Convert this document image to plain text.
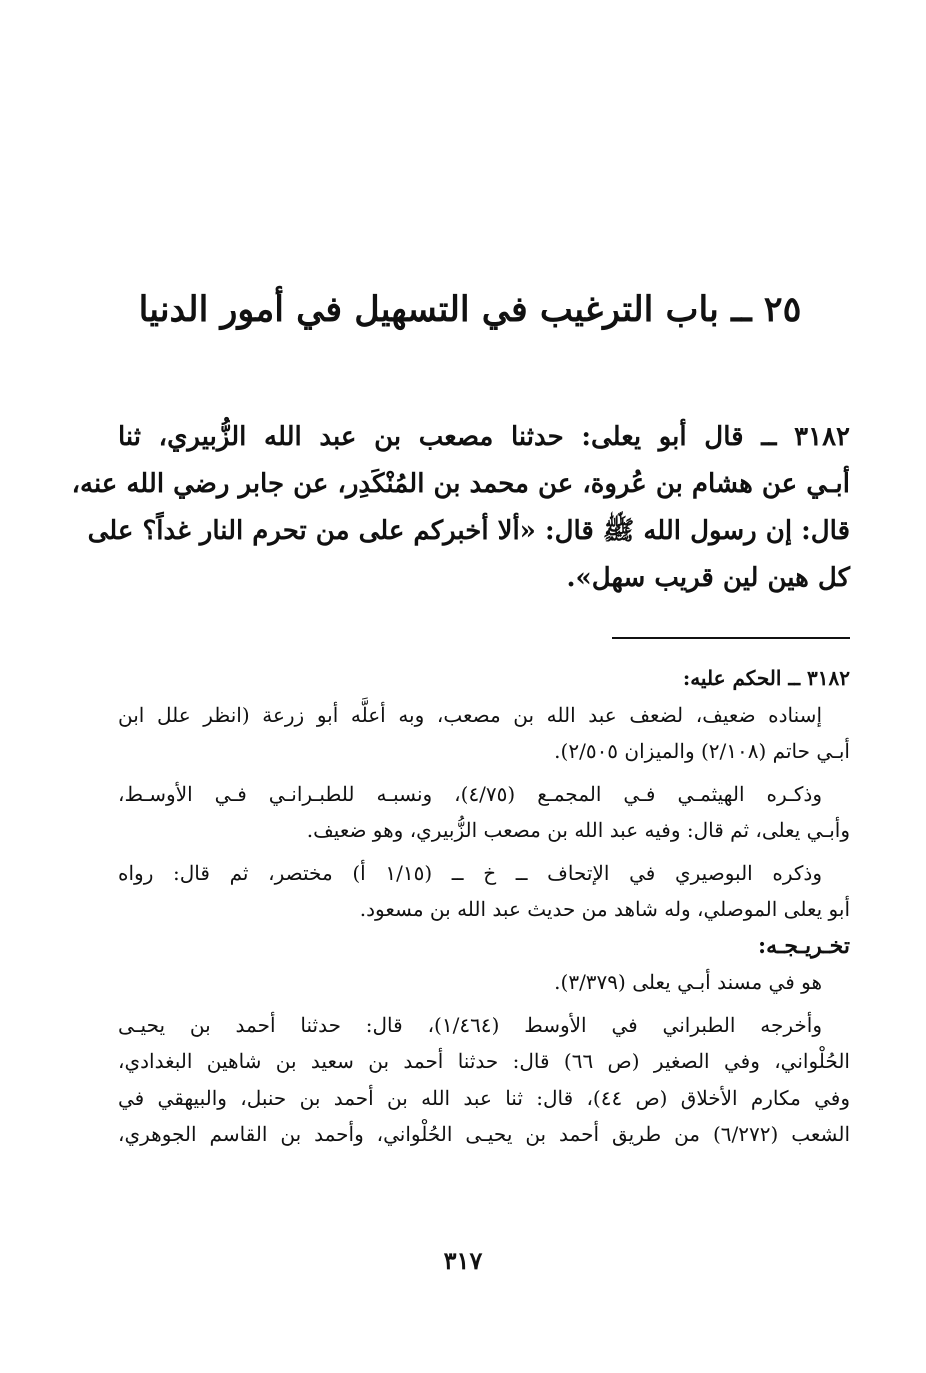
٢٥ ــ باب الترغيب في التسهيل في أمور الدنيا
٣١٨٢ ــ قال أبو يعلى: حدثنا مصعب بن عبد الله الزُّبيري، ثنا
أبـي عن هشام بن عُروة، عن محمد بن المُنْكَدِر، عن جابر رضي الله عنه،
قال: إن رسول الله ﷺ قال: «ألا أخبركم على من تحرم النار غداً؟ على
كل هين لين قريب سهل».
٣١٨٢ ــ الحكم عليه:
إسناده ضعيف، لضعف عبد الله بن مصعب، وبه أعلَّه أبو زرعة (انظر علل ابن
أبـي حاتم (٢/١٠٨) والميزان ٢/٥٠٥).
وذكـره الهيثمـي فـي المجمـع (٤/٧٥)، ونسبـه للطبـرانـي فـي الأوسـط،
وأبـي يعلى، ثم قال: وفيه عبد الله بن مصعب الزُّبيري، وهو ضعيف.
وذكره البوصيري في الإتحاف ــ خ ــ (١/١٥ أ) مختصر، ثم قال: رواه
أبو يعلى الموصلي، وله شاهد من حديث عبد الله بن مسعود.
تخـريـجـه:
هو في مسند أبـي يعلى (٣/٣٧٩).
وأخرجه الطبراني في الأوسط (١/٤٦٤)، قال: حدثنا أحمد بن يحيـى
الحُلْواني، وفي الصغير (ص ٦٦) قال: حدثنا أحمد بن سعيد بن شاهين البغدادي،
وفي مكارم الأخلاق (ص ٤٤)، قال: ثنا عبد الله بن أحمد بن حنبل، والبيهقي في
الشعب (٦/٢٧٢) من طريق أحمد بن يحيـى الحُلْواني، وأحمد بن القاسم الجوهري،
٣١٧
